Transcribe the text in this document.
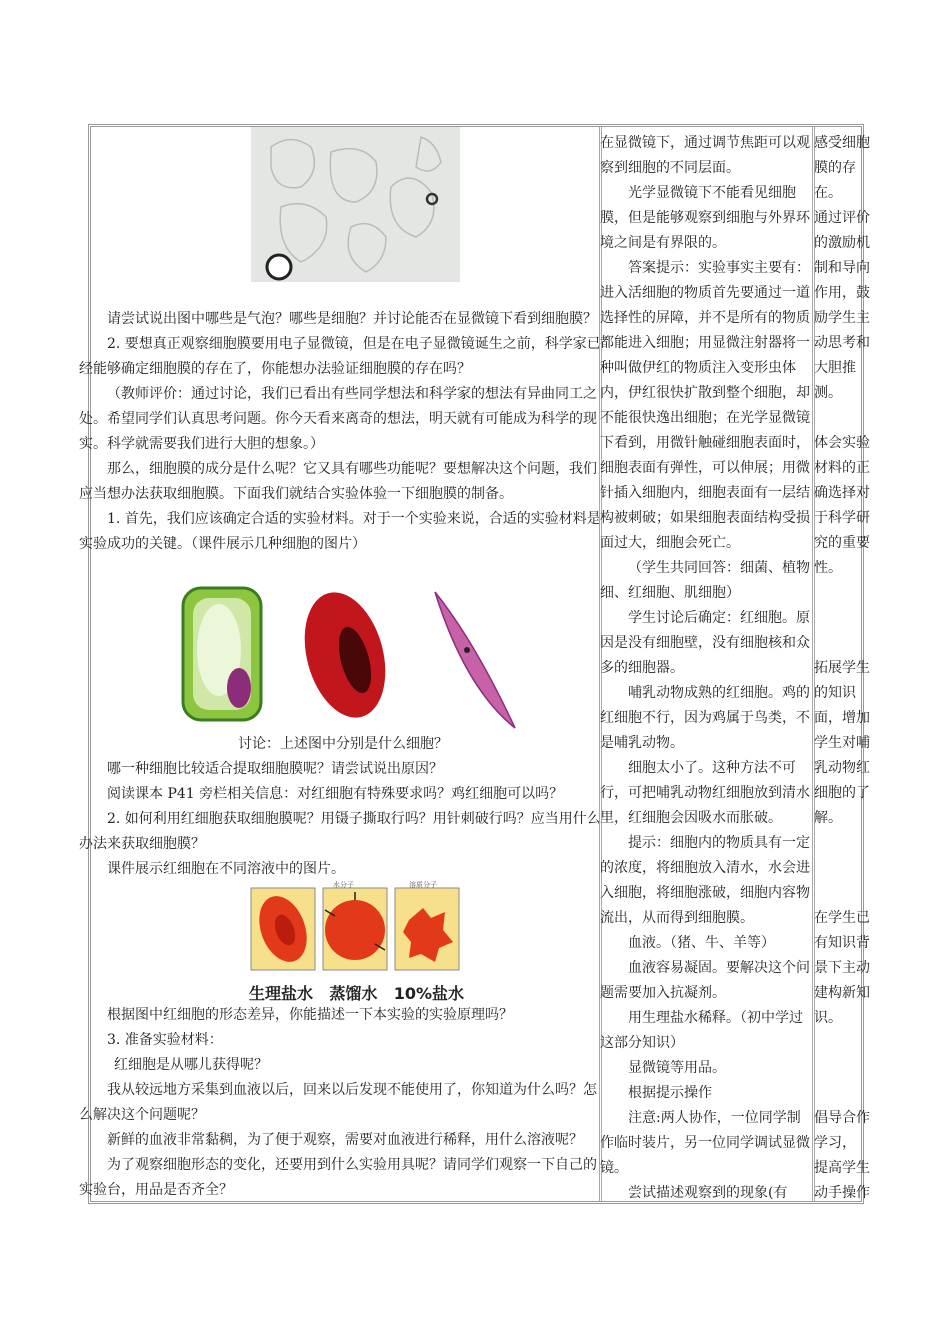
请尝试说出图中哪些是气泡？哪些是细胞？并讨论能否在显微镜下看到细胞膜？

2. 要想真正观察细胞膜要用电子显微镜，但是在电子显微镜诞生之前，科学家已经能够确定细胞膜的存在了，你能想办法验证细胞膜的存在吗？

（教师评价：通过讨论，我们已看出有些同学想法和科学家的想法有异曲同工之处。希望同学们认真思考问题。你今天看来离奇的想法，明天就有可能成为科学的现实。科学就需要我们进行大胆的想象。）

那么，细胞膜的成分是什么呢？它又具有哪些功能呢？要想解决这个问题，我们应当想办法获取细胞膜。下面我们就结合实验体验一下细胞膜的制备。

1. 首先，我们应该确定合适的实验材料。对于一个实验来说，合适的实验材料是实验成功的关键。（课件展示几种细胞的图片）

讨论：上述图中分别是什么细胞？

哪一种细胞比较适合提取细胞膜呢？请尝试说出原因？

阅读课本 P41 旁栏相关信息：对红细胞有特殊要求吗？鸡红细胞可以吗？

2. 如何利用红细胞获取细胞膜呢？用镊子撕取行吗？用针刺破行吗？应当用什么办法来获取细胞膜？

课件展示红细胞在不同溶液中的图片。

水分子	溶质分子
生理盐水 蒸馏水 10%盐水

根据图中红细胞的形态差异，你能描述一下本实验的实验原理吗？

3. 准备实验材料：

红细胞是从哪儿获得呢？

我从较远地方采集到血液以后，回来以后发现不能使用了，你知道为什么吗？怎么解决这个问题呢？

新鲜的血液非常黏稠，为了便于观察，需要对血液进行稀释，用什么溶液呢？

为了观察细胞形态的变化，还要用到什么实验用具呢？请同学们观察一下自己的实验台，用品是否齐全？

在显微镜下，通过调节焦距可以观察到细胞的不同层面。

光学显微镜下不能看见细胞膜，但是能够观察到细胞与外界环境之间是有界限的。

答案提示：实验事实主要有：进入活细胞的物质首先要通过一道选择性的屏障，并不是所有的物质都能进入细胞；用显微注射器将一种叫做伊红的物质注入变形虫体内，伊红很快扩散到整个细胞，却不能很快逸出细胞；在光学显微镜下看到，用微针触碰细胞表面时，细胞表面有弹性，可以伸展；用微针插入细胞内，细胞表面有一层结构被刺破；如果细胞表面结构受损面过大，细胞会死亡。

（学生共同回答：细菌、植物细、红细胞、肌细胞）

学生讨论后确定：红细胞。原因是没有细胞壁，没有细胞核和众多的细胞器。

哺乳动物成熟的红细胞。鸡的红细胞不行，因为鸡属于鸟类，不是哺乳动物。

细胞太小了。这种方法不可行，可把哺乳动物红细胞放到清水里，红细胞会因吸水而胀破。

提示：细胞内的物质具有一定的浓度，将细胞放入清水，水会进入细胞，将细胞涨破，细胞内容物流出，从而得到细胞膜。

血液。（猪、牛、羊等）

血液容易凝固。要解决这个问题需要加入抗凝剂。

用生理盐水稀释。（初中学过这部分知识）

显微镜等用品。

根据提示操作

注意:两人协作，一位同学制作临时装片，另一位同学调试显微镜。

尝试描述观察到的现象(有

感受细胞膜的存在。

通过评价的激励机制和导向作用，鼓励学生主动思考和大胆推测。

体会实验材料的正确选择对于科学研究的重要性。

拓展学生的知识面，增加学生对哺乳动物红细胞的了解。

在学生已有知识背景下主动建构新知识。

倡导合作学习，

提高学生动手操作
